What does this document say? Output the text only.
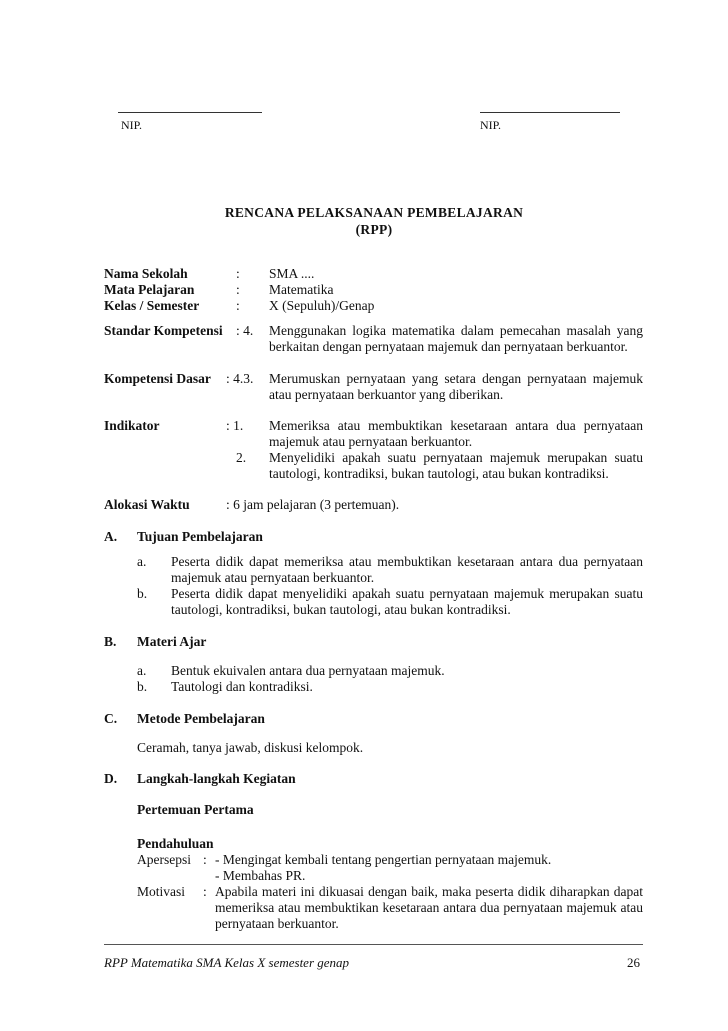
NIP.	NIP.
RENCANA PELAKSANAAN PEMBELAJARAN
(RPP)
Nama Sekolah	: SMA ....
Mata Pelajaran	: Matematika
Kelas / Semester	: X (Sepuluh)/Genap
Standar Kompetensi : 4. Menggunakan logika matematika dalam pemecahan masalah yang
berkaitan dengan pernyataan majemuk dan pernyataan berkuantor.
Kompetensi Dasar : 4.3. Merumuskan pernyataan yang setara dengan pernyataan majemuk
atau pernyataan berkuantor yang diberikan.
Indikator	: 1. Memeriksa atau membuktikan kesetaraan antara dua pernyataan
majemuk atau pernyataan berkuantor.
2. Menyelidiki apakah suatu pernyataan majemuk merupakan suatu
tautologi, kontradiksi, bukan tautologi, atau bukan kontradiksi.
Alokasi Waktu	: 6 jam pelajaran (3 pertemuan).
A. Tujuan Pembelajaran
a. Peserta didik dapat memeriksa atau membuktikan kesetaraan antara dua pernyataan
majemuk atau pernyataan berkuantor.
b. Peserta didik dapat menyelidiki apakah suatu pernyataan majemuk merupakan suatu
tautologi, kontradiksi, bukan tautologi, atau bukan kontradiksi.
B. Materi Ajar
a. Bentuk ekuivalen antara dua pernyataan majemuk.
b. Tautologi dan kontradiksi.
C. Metode Pembelajaran
Ceramah, tanya jawab, diskusi kelompok.
D. Langkah-langkah Kegiatan
Pertemuan Pertama
Pendahuluan
Apersepsi : - Mengingat kembali tentang pengertian pernyataan majemuk.
- Membahas PR.
Motivasi : Apabila materi ini dikuasai dengan baik, maka peserta didik diharapkan dapat
memeriksa atau membuktikan kesetaraan antara dua pernyataan majemuk atau
pernyataan berkuantor.
RPP Matematika SMA Kelas X semester genap	26
